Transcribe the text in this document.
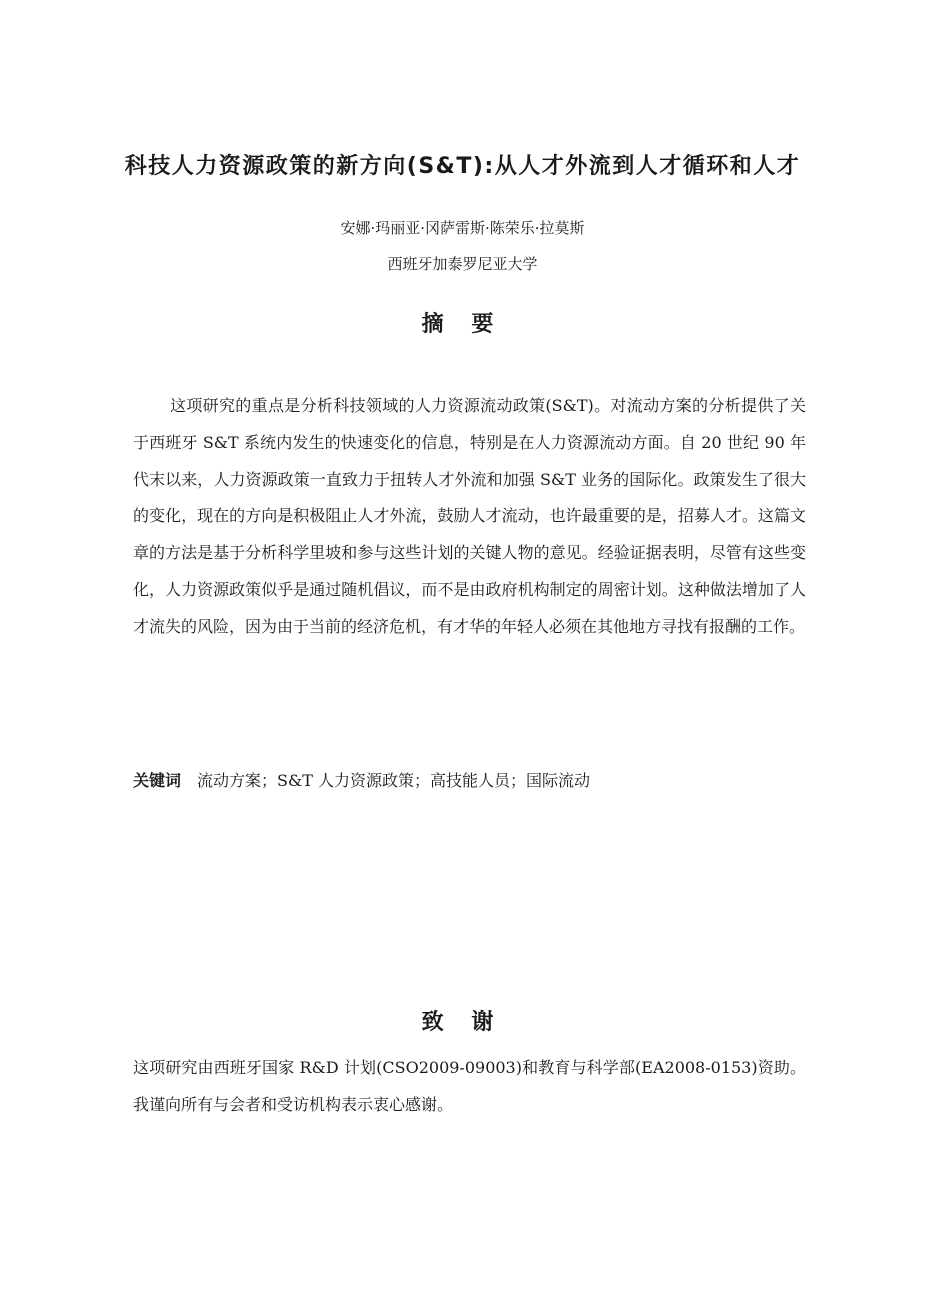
科技人力资源政策的新方向(S&T):从人才外流到人才循环和人才
安娜·玛丽亚·冈萨雷斯·陈荣乐·拉莫斯
西班牙加泰罗尼亚大学
摘 要
这项研究的重点是分析科技领域的人力资源流动政策(S&T)。对流动方案的分析提供了关于西班牙 S&T 系统内发生的快速变化的信息，特别是在人力资源流动方面。自 20 世纪 90 年代末以来，人力资源政策一直致力于扭转人才外流和加强 S&T 业务的国际化。政策发生了很大的变化，现在的方向是积极阻止人才外流，鼓励人才流动，也许最重要的是，招募人才。这篇文章的方法是基于分析科学里坡和参与这些计划的关键人物的意见。经验证据表明，尽管有这些变化，人力资源政策似乎是通过随机倡议，而不是由政府机构制定的周密计划。这种做法增加了人才流失的风险，因为由于当前的经济危机，有才华的年轻人必须在其他地方寻找有报酬的工作。
关键词 流动方案；S&T 人力资源政策；高技能人员；国际流动
致 谢
这项研究由西班牙国家 R&D 计划(CSO2009-09003)和教育与科学部(EA2008-0153)资助。我谨向所有与会者和受访机构表示衷心感谢。
